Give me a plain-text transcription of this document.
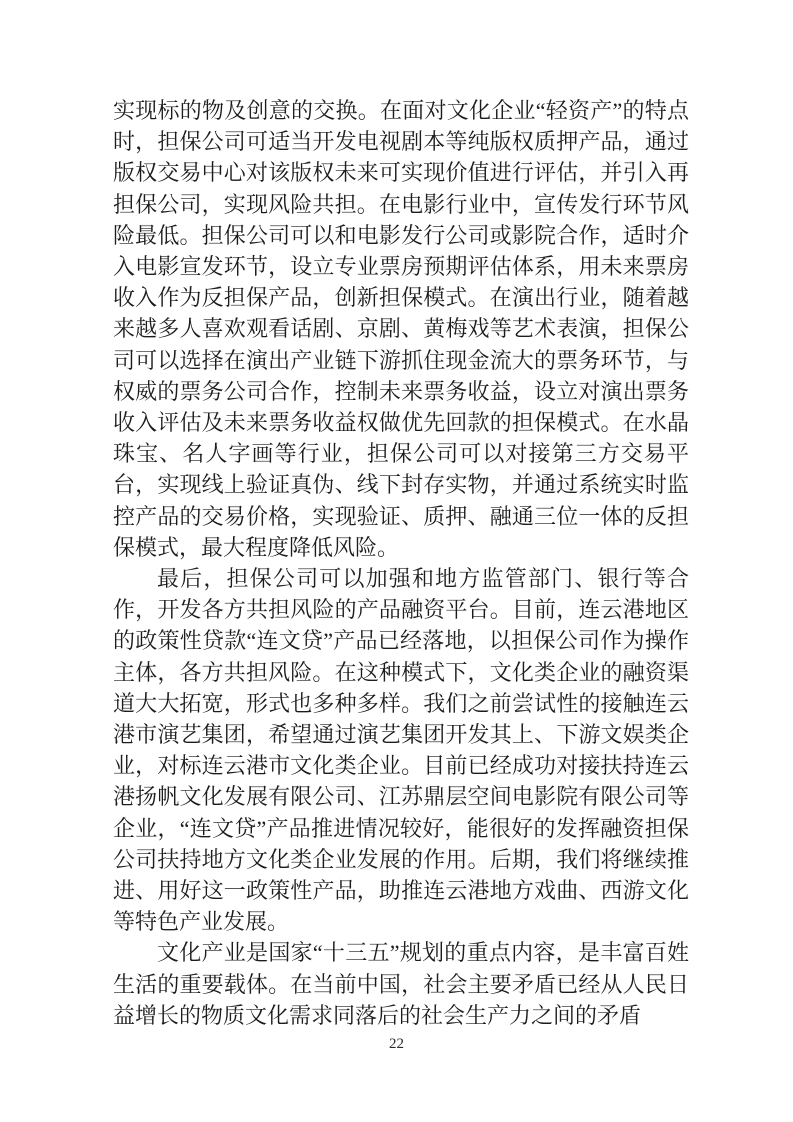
实现标的物及创意的交换。在面对文化企业“轻资产”的特点时，担保公司可适当开发电视剧本等纯版权质押产品，通过版权交易中心对该版权未来可实现价值进行评估，并引入再担保公司，实现风险共担。在电影行业中，宣传发行环节风险最低。担保公司可以和电影发行公司或影院合作，适时介入电影宣发环节，设立专业票房预期评估体系，用未来票房收入作为反担保产品，创新担保模式。在演出行业，随着越来越多人喜欢观看话剧、京剧、黄梅戏等艺术表演，担保公司可以选择在演出产业链下游抓住现金流大的票务环节，与权威的票务公司合作，控制未来票务收益，设立对演出票务收入评估及未来票务收益权做优先回款的担保模式。在水晶珠宝、名人字画等行业，担保公司可以对接第三方交易平台，实现线上验证真伪、线下封存实物，并通过系统实时监控产品的交易价格，实现验证、质押、融通三位一体的反担保模式，最大程度降低风险。

最后，担保公司可以加强和地方监管部门、银行等合作，开发各方共担风险的产品融资平台。目前，连云港地区的政策性贷款“连文贷”产品已经落地，以担保公司作为操作主体，各方共担风险。在这种模式下，文化类企业的融资渠道大大拓宽，形式也多种多样。我们之前尝试性的接触连云港市演艺集团，希望通过演艺集团开发其上、下游文娱类企业，对标连云港市文化类企业。目前已经成功对接扶持连云港扬帆文化发展有限公司、江苏鼎层空间电影院有限公司等企业，“连文贷”产品推进情况较好，能很好的发挥融资担保公司扶持地方文化类企业发展的作用。后期，我们将继续推进、用好这一政策性产品，助推连云港地方戏曲、西游文化等特色产业发展。

文化产业是国家“十三五”规划的重点内容，是丰富百姓生活的重要载体。在当前中国，社会主要矛盾已经从人民日益增长的物质文化需求同落后的社会生产力之间的矛盾

22
